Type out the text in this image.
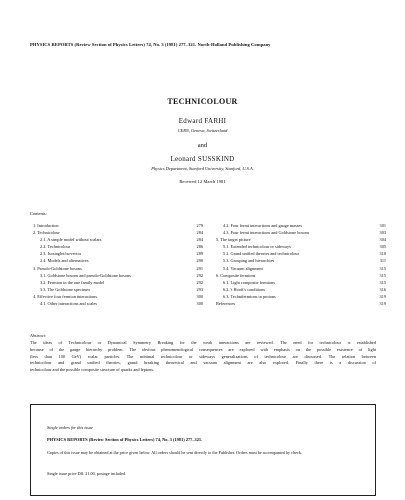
PHYSICS REPORTS (Review Section of Physics Letters) 74, No. 3 (1981) 277–321. North-Holland Publishing Company
TECHNICOLOUR
Edward FARHI
CERN, Geneva, Switzerland
and
Leonard SUSSKIND
Physics Department, Stanford University, Stanford, U.S.A.
Received 12 March 1981
Contents:
1. Introduction	279
2. Technicolour	284
2.1. A simple model without scalars	284
2.2. Technicolour	286
2.3. Isosinglet/isovector	289
2.4. Models and alternatives	290
3. Pseudo-Goldstone bosons	291
3.1. Goldstone bosons and pseudo-Goldstone bosons	292
3.2. Fermion in the one family model	292
3.3. The Goldstone spectrum	293
4. Effective four fermion interactions	300
4.1. Other interactions and scales	300
4.2. Four fermi interactions and gauge masses	301
4.3. Four fermi interactions and Goldstone bosons	303
5. The target picture	304
5.1. Extended technicolour or sideways	305
5.2. Grand unified theories and technicolour	310
5.3. Grouping and hierarchies	311
5.4. Vacuum alignment	315
6. Composite fermions	315
6.1. Light composite fermions	315
6.2. 't Hooft's conditions	316
6.3. Technifermions in protons	319
References	319
Abstract:
The ideas of Technicolour or Dynamical Symmetry Breaking for the weak interactions are reviewed. The need for technicolour is established
because of the gauge hierarchy problem. The obvious phenomenological consequences are explored with emphasis on the possible existence of light
(less than 100 GeV) scalar particles. The minimal technicolour or sideways generalizations of technicolour are discussed. The relation between
technicolour and grand unified theories, grand breaking theoretical and vacuum alignment are also explored. Finally there is a discussion of
technicolour and the possible composite structure of quarks and leptons.
Single orders for this issue
PHYSICS REPORTS (Review Section of Physics Letters) 74, No. 3 (1981) 277–321.
Copies of this issue may be obtained at the price given below. All orders should be sent directly to the Publisher. Orders must be accompanied by check.
Single issue price Dfl. 21.00, postage included.
